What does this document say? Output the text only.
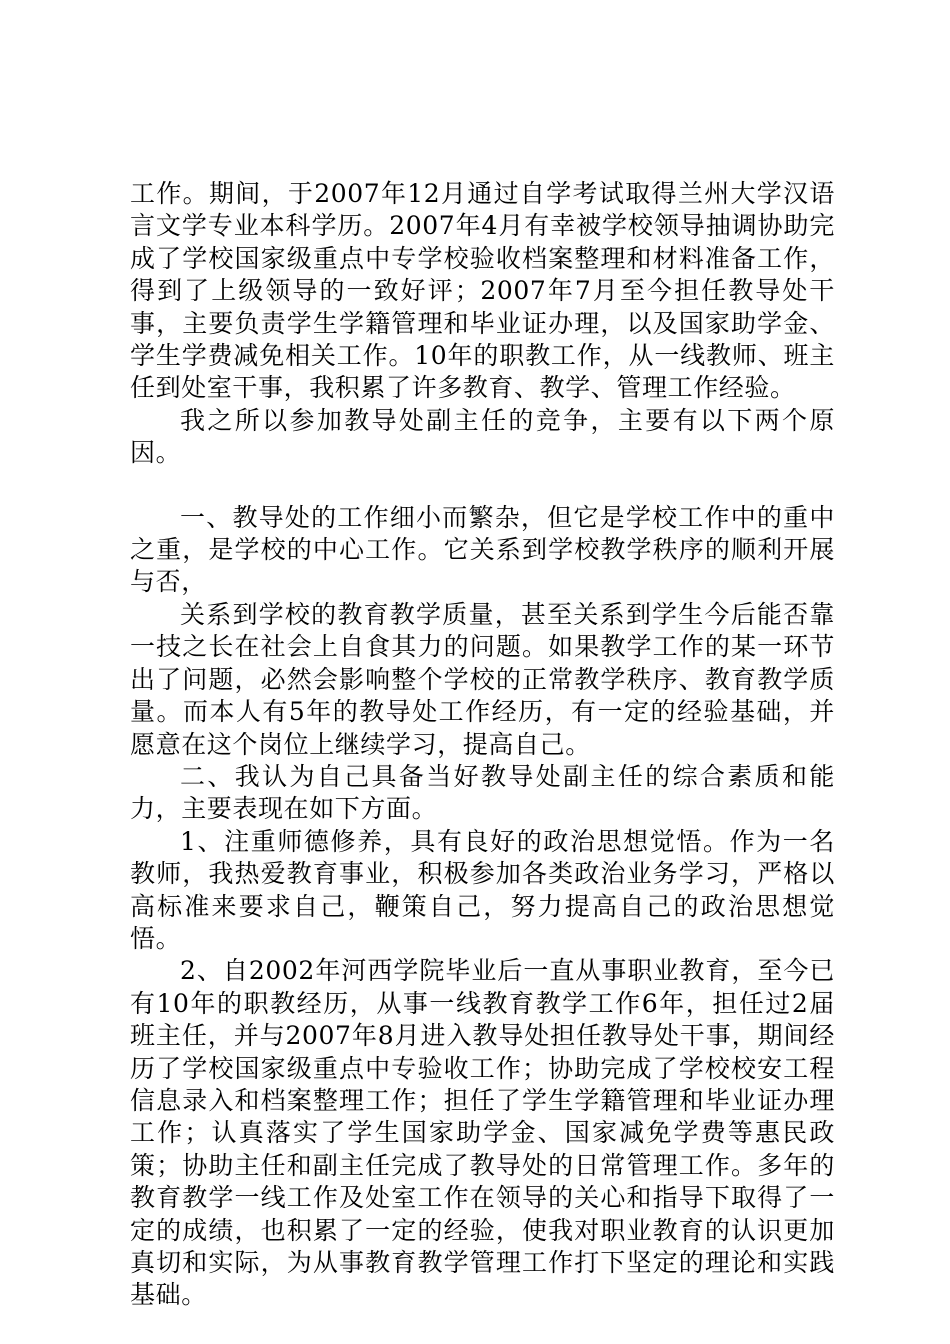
工作。期间，于2007年12月通过自学考试取得兰州大学汉语言文学专业本科学历。2007年4月有幸被学校领导抽调协助完成了学校国家级重点中专学校验收档案整理和材料准备工作，得到了上级领导的一致好评；2007年7月至今担任教导处干事，主要负责学生学籍管理和毕业证办理，以及国家助学金、学生学费减免相关工作。10年的职教工作，从一线教师、班主任到处室干事，我积累了许多教育、教学、管理工作经验。

我之所以参加教导处副主任的竞争，主要有以下两个原因。

一、教导处的工作细小而繁杂，但它是学校工作中的重中之重，是学校的中心工作。它关系到学校教学秩序的顺利开展与否，

关系到学校的教育教学质量，甚至关系到学生今后能否靠一技之长在社会上自食其力的问题。如果教学工作的某一环节出了问题，必然会影响整个学校的正常教学秩序、教育教学质量。而本人有5年的教导处工作经历，有一定的经验基础，并愿意在这个岗位上继续学习，提高自己。

二、我认为自己具备当好教导处副主任的综合素质和能力，主要表现在如下方面。

1、注重师德修养，具有良好的政治思想觉悟。作为一名教师，我热爱教育事业，积极参加各类政治业务学习，严格以高标准来要求自己，鞭策自己，努力提高自己的政治思想觉悟。

2、自2002年河西学院毕业后一直从事职业教育，至今已有10年的职教经历，从事一线教育教学工作6年，担任过2届班主任，并与2007年8月进入教导处担任教导处干事，期间经历了学校国家级重点中专验收工作；协助完成了学校校安工程信息录入和档案整理工作；担任了学生学籍管理和毕业证办理工作；认真落实了学生国家助学金、国家减免学费等惠民政策；协助主任和副主任完成了教导处的日常管理工作。多年的教育教学一线工作及处室工作在领导的关心和指导下取得了一定的成绩，也积累了一定的经验，使我对职业教育的认识更加真切和实际，为从事教育教学管理工作打下坚定的理论和实践基础。
